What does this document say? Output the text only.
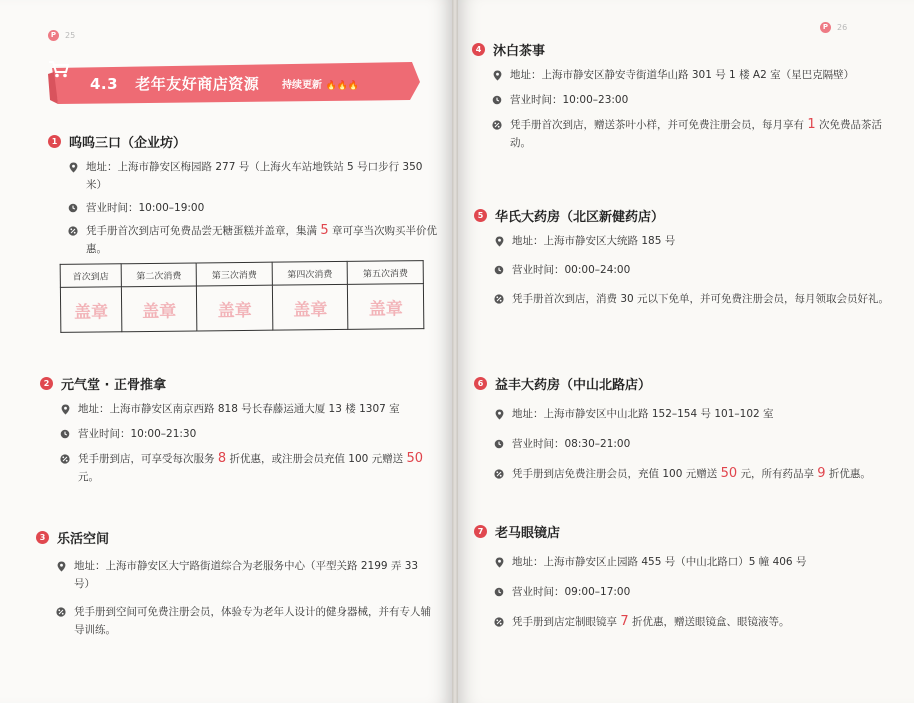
P	25
4.3 老年友好商店资源 持续更新 🔥🔥🔥
1 呜呜三口（企业坊）
地址：上海市静安区梅园路 277 号（上海火车站地铁站 5 号口步行 350 米）
营业时间：10:00–19:00
凭手册首次到店可免费品尝无糖蛋糕并盖章，集满 5 章可享当次购买半价优惠。
首次到店	第二次消费	第三次消费	第四次消费	第五次消费
盖章	盖章	盖章	盖章	盖章
2 元气堂 · 正骨推拿
地址：上海市静安区南京西路 818 号长春藤运通大厦 13 楼 1307 室
营业时间：10:00–21:30
凭手册到店，可享受每次服务 8 折优惠，或注册会员充值 100 元赠送 50 元。
3 乐活空间
地址：上海市静安区大宁路街道综合为老服务中心（平型关路 2199 弄 33 号）
凭手册到空间可免费注册会员，体验专为老年人设计的健身器械，并有专人辅导训练。
P	26
4 沐白茶事
地址：上海市静安区静安寺街道华山路 301 号 1 楼 A2 室（星巴克隔壁）
营业时间：10:00–23:00
凭手册首次到店，赠送茶叶小样，并可免费注册会员，每月享有 1 次免费品茶活动。
5 华氏大药房（北区新健药店）
地址：上海市静安区大统路 185 号
营业时间：00:00–24:00
凭手册首次到店，消费 30 元以下免单，并可免费注册会员，每月领取会员好礼。
6 益丰大药房（中山北路店）
地址：上海市静安区中山北路 152–154 号 101–102 室
营业时间：08:30–21:00
凭手册到店免费注册会员，充值 100 元赠送 50 元，所有药品享 9 折优惠。
7 老马眼镜店
地址：上海市静安区止园路 455 号（中山北路口）5 幢 406 号
营业时间：09:00–17:00
凭手册到店定制眼镜享 7 折优惠，赠送眼镜盒、眼镜液等。
